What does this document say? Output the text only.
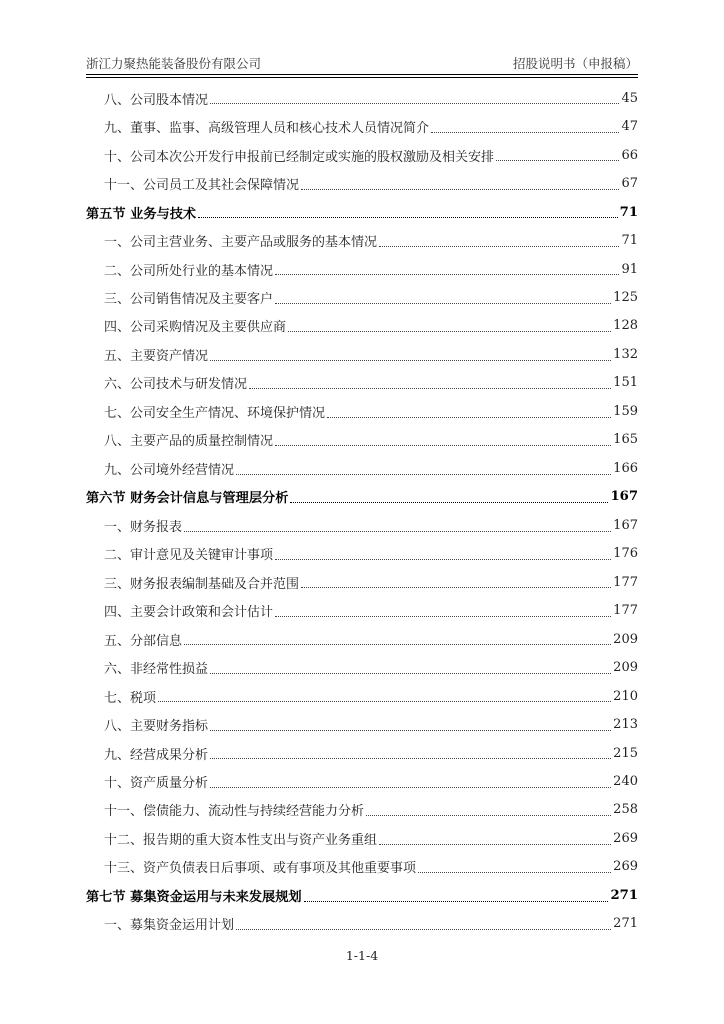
浙江力聚热能装备股份有限公司	招股说明书（申报稿）
八、公司股本情况	45
九、董事、监事、高级管理人员和核心技术人员情况简介	47
十、公司本次公开发行申报前已经制定或实施的股权激励及相关安排	66
十一、公司员工及其社会保障情况	67
第五节 业务与技术	71
一、公司主营业务、主要产品或服务的基本情况	71
二、公司所处行业的基本情况	91
三、公司销售情况及主要客户	125
四、公司采购情况及主要供应商	128
五、主要资产情况	132
六、公司技术与研发情况	151
七、公司安全生产情况、环境保护情况	159
八、主要产品的质量控制情况	165
九、公司境外经营情况	166
第六节 财务会计信息与管理层分析	167
一、财务报表	167
二、审计意见及关键审计事项	176
三、财务报表编制基础及合并范围	177
四、主要会计政策和会计估计	177
五、分部信息	209
六、非经常性损益	209
七、税项	210
八、主要财务指标	213
九、经营成果分析	215
十、资产质量分析	240
十一、偿债能力、流动性与持续经营能力分析	258
十二、报告期的重大资本性支出与资产业务重组	269
十三、资产负债表日后事项、或有事项及其他重要事项	269
第七节 募集资金运用与未来发展规划	271
一、募集资金运用计划	271
1-1-4
